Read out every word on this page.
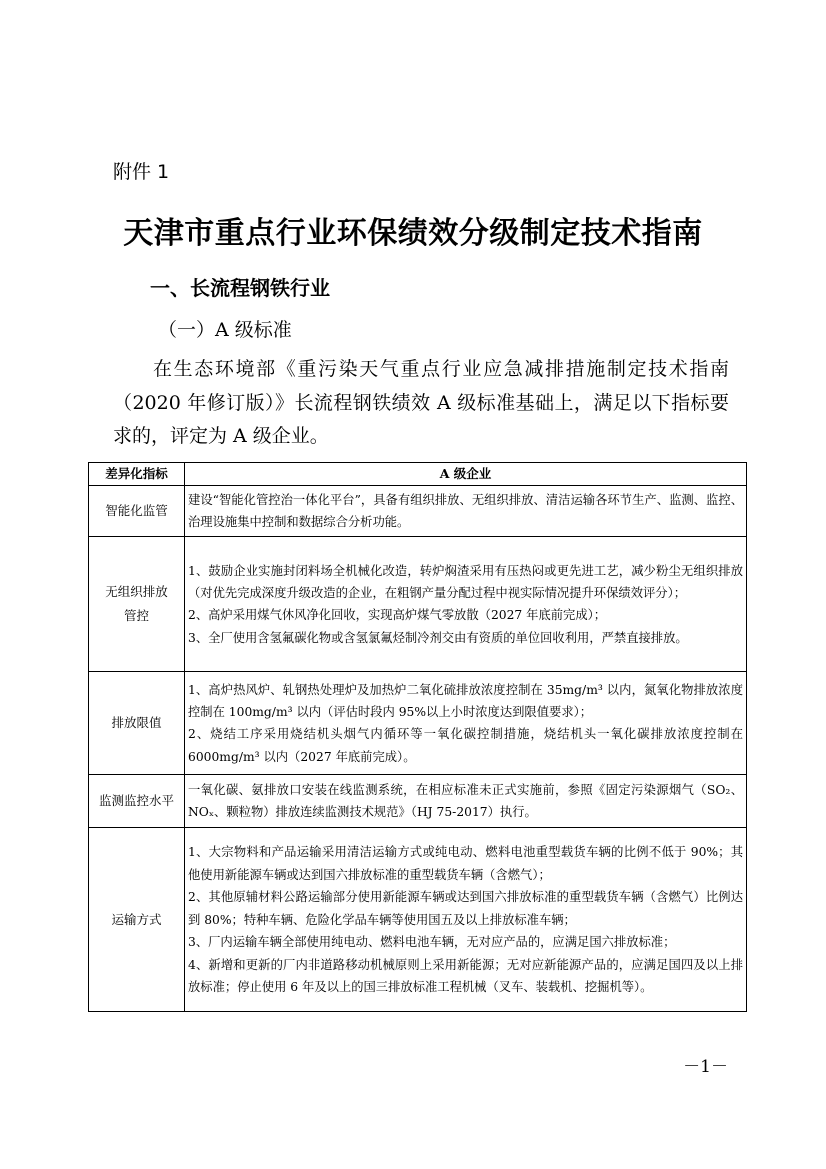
附件 1
天津市重点行业环保绩效分级制定技术指南
一、长流程钢铁行业
（一）A 级标准
在生态环境部《重污染天气重点行业应急减排措施制定技术指南（2020 年修订版）》长流程钢铁绩效 A 级标准基础上，满足以下指标要求的，评定为 A 级企业。
差异化指标	A 级企业
智能化监管	建设“智能化管控治一体化平台”，具备有组织排放、无组织排放、清洁运输各环节生产、监测、监控、治理设施集中控制和数据综合分析功能。

无组织排放管控	1、鼓励企业实施封闭料场全机械化改造，转炉焖渣采用有压热闷或更先进工艺，减少粉尘无组织排放（对优先完成深度升级改造的企业，在粗钢产量分配过程中视实际情况提升环保绩效评分）；
2、高炉采用煤气休风净化回收，实现高炉煤气零放散（2027 年底前完成）；
3、全厂使用含氢氟碳化物或含氢氯氟烃制冷剂交由有资质的单位回收利用，严禁直接排放。

排放限值	1、高炉热风炉、轧钢热处理炉及加热炉二氧化硫排放浓度控制在 35mg/m³ 以内，氮氧化物排放浓度控制在 100mg/m³ 以内（评估时段内 95%以上小时浓度达到限值要求）；
2、烧结工序采用烧结机头烟气内循环等一氧化碳控制措施，烧结机头一氧化碳排放浓度控制在 6000mg/m³ 以内（2027 年底前完成）。

监测监控水平	一氧化碳、氨排放口安装在线监测系统，在相应标准未正式实施前，参照《固定污染源烟气（SO₂、NOₓ、颗粒物）排放连续监测技术规范》（HJ 75-2017）执行。

运输方式	1、大宗物料和产品运输采用清洁运输方式或纯电动、燃料电池重型载货车辆的比例不低于 90%；其他使用新能源车辆或达到国六排放标准的重型载货车辆（含燃气）；
2、其他原辅材料公路运输部分使用新能源车辆或达到国六排放标准的重型载货车辆（含燃气）比例达到 80%；特种车辆、危险化学品车辆等使用国五及以上排放标准车辆；
3、厂内运输车辆全部使用纯电动、燃料电池车辆，无对应产品的，应满足国六排放标准；
4、新增和更新的厂内非道路移动机械原则上采用新能源；无对应新能源产品的，应满足国四及以上排放标准；停止使用 6 年及以上的国三排放标准工程机械（叉车、装载机、挖掘机等）。
－1－
